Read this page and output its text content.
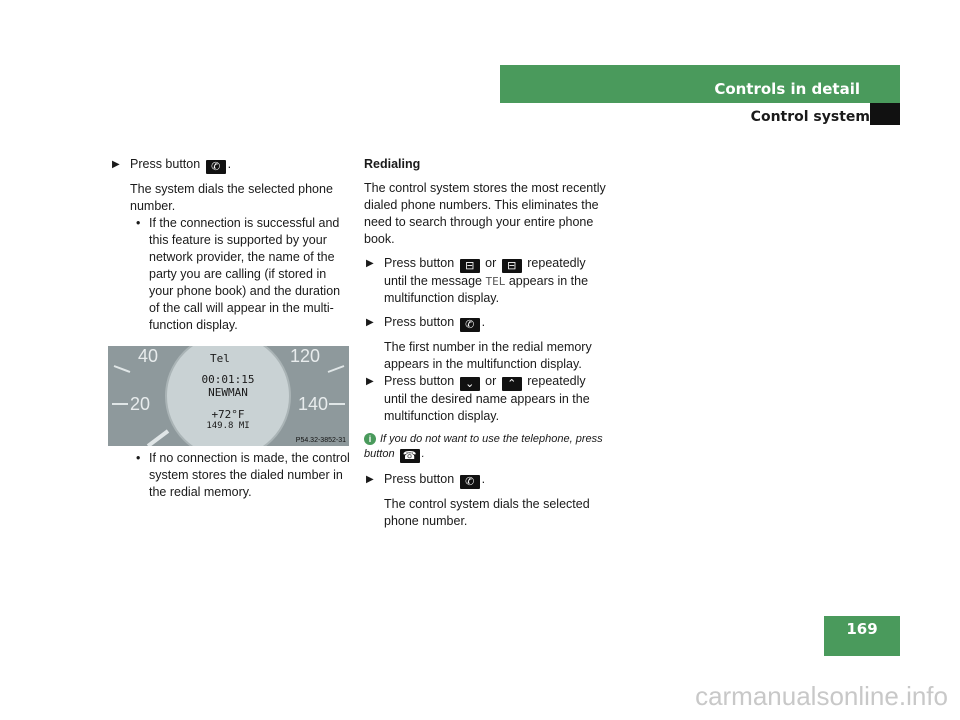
Controls in detail
Control system
▶ Press button ✆ .

The system dials the selected phone number.

• If the connection is successful and this feature is supported by your network provider, the name of the party you are calling (if stored in your phone book) and the duration of the call will appear in the multi-function display.
40	120
20	140
Tel
00:01:15
NEWMAN
+72°F
149.8 MI
P54.32-3852-31
• If no connection is made, the control system stores the dialed number in the redial memory.
Redialing

The control system stores the most recently dialed phone numbers. This eliminates the need to search through your entire phone book.

▶ Press button ⊟ or ⊟ repeatedly until the message TEL appears in the multifunction display.
▶ Press button ✆ .

The first number in the redial memory appears in the multifunction display.

▶ Press button ⌄ or ⌃ repeatedly until the desired name appears in the multifunction display.
i If you do not want to use the telephone, press button ☎ .
▶ Press button ✆ .

The control system dials the selected phone number.

169
carmanualsonline.info
